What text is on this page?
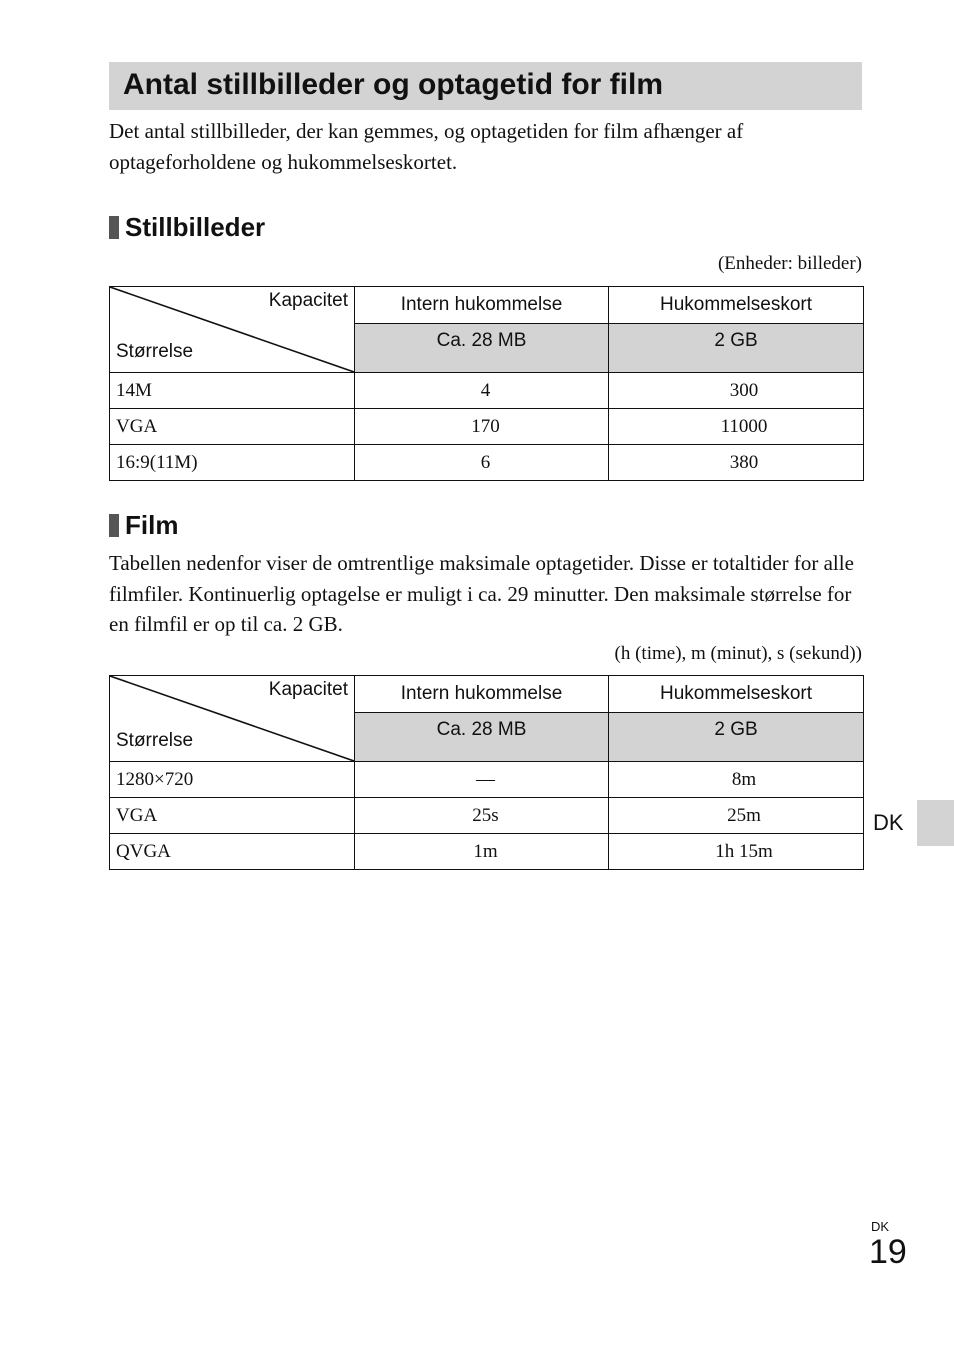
Antal stillbilleder og optagetid for film

Det antal stillbilleder, der kan gemmes, og optagetiden for film afhænger af optageforholdene og hukommelseskortet.

Stillbilleder

(Enheder: billeder)

Kapacitet
Størrelse	Intern hukommelse	Hukommelseskort
	Ca. 28 MB	2 GB
14M	4	300
VGA	170	11000
16:9(11M)	6	380
Film

Tabellen nedenfor viser de omtrentlige maksimale optagetider. Disse er totaltider for alle filmfiler. Kontinuerlig optagelse er muligt i ca. 29 minutter. Den maksimale størrelse for en filmfil er op til ca. 2 GB.

(h (time), m (minut), s (sekund))

Kapacitet
Størrelse	Intern hukommelse	Hukommelseskort
	Ca. 28 MB	2 GB
1280×720	—	8m
VGA	25s	25m
QVGA	1m	1h 15m
DK
DK
19
